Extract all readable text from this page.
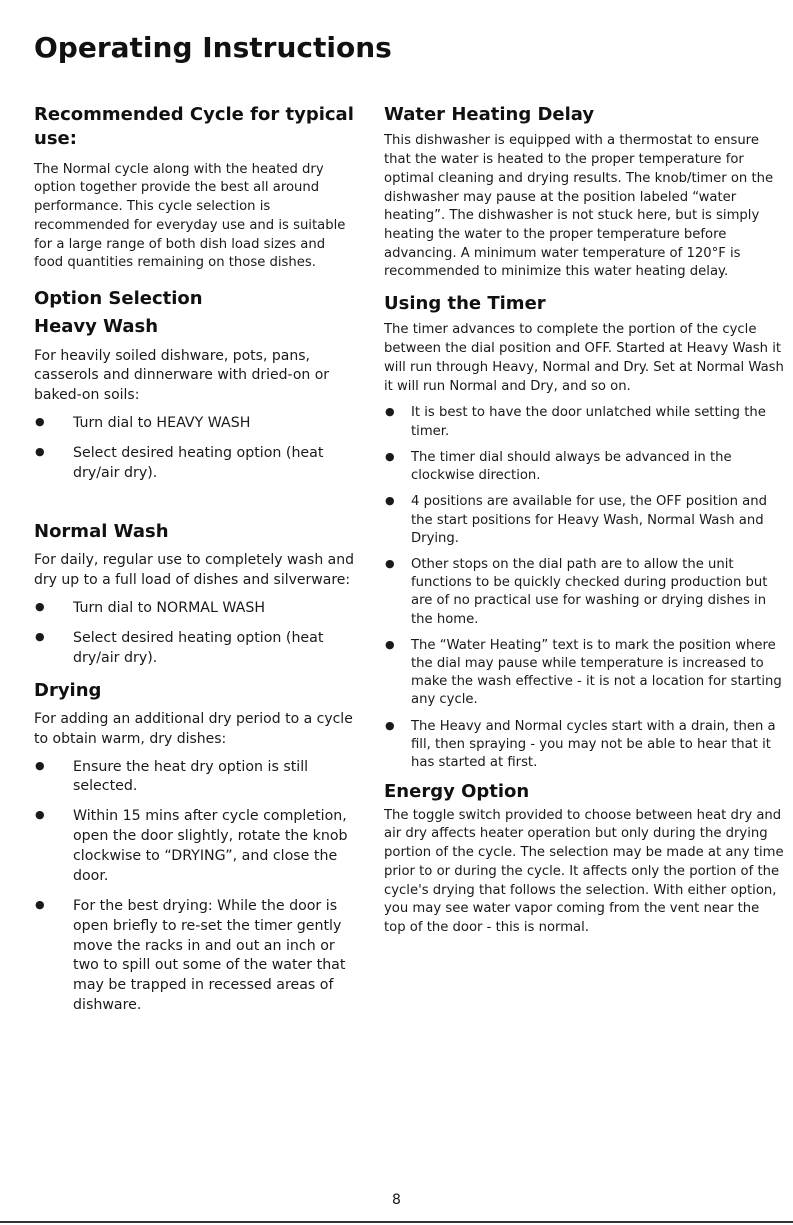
Operating Instructions
Recommended Cycle for typical use:

The Normal cycle along with the heated dry option together provide the best all around performance. This cycle selection is recommended for everyday use and is suitable for a large range of both dish load sizes and food quantities remaining on those dishes.

Option Selection
Heavy Wash

For heavily soiled dishware, pots, pans, casserols and dinnerware with dried-on or baked-on soils:

● Turn dial to HEAVY WASH
● Select desired heating option (heat dry/air dry).
Normal Wash

For daily, regular use to completely wash and dry up to a full load of dishes and silverware:

● Turn dial to NORMAL WASH
● Select desired heating option (heat dry/air dry).
Drying

For adding an additional dry period to a cycle to obtain warm, dry dishes:

● Ensure the heat dry option is still selected.
● Within 15 mins after cycle completion, open the door slightly, rotate the knob clockwise to “DRYING”, and close the door.
● For the best drying: While the door is open briefly to re-set the timer gently move the racks in and out an inch or two to spill out some of the water that may be trapped in recessed areas of dishware.
Water Heating Delay

This dishwasher is equipped with a thermostat to ensure that the water is heated to the proper temperature for optimal cleaning and drying results. The knob/timer on the dishwasher may pause at the position labeled “water heating”. The dishwasher is not stuck here, but is simply heating the water to the proper temperature before advancing. A minimum water temperature of 120°F is recommended to minimize this water heating delay.

Using the Timer

The timer advances to complete the portion of the cycle between the dial position and OFF. Started at Heavy Wash it will run through Heavy, Normal and Dry. Set at Normal Wash it will run Normal and Dry, and so on.

● It is best to have the door unlatched while setting the timer.
● The timer dial should always be advanced in the clockwise direction.
● 4 positions are available for use, the OFF position and the start positions for Heavy Wash, Normal Wash and Drying.
● Other stops on the dial path are to allow the unit functions to be quickly checked during production but are of no practical use for washing or drying dishes in the home.
● The “Water Heating” text is to mark the position where the dial may pause while temperature is increased to make the wash effective - it is not a location for starting any cycle.
● The Heavy and Normal cycles start with a drain, then a fill, then spraying - you may not be able to hear that it has started at first.
Energy Option

The toggle switch provided to choose between heat dry and air dry affects heater operation but only during the drying portion of the cycle. The selection may be made at any time prior to or during the cycle. It affects only the portion of the cycle's drying that follows the selection. With either option, you may see water vapor coming from the vent near the top of the door - this is normal.

8
